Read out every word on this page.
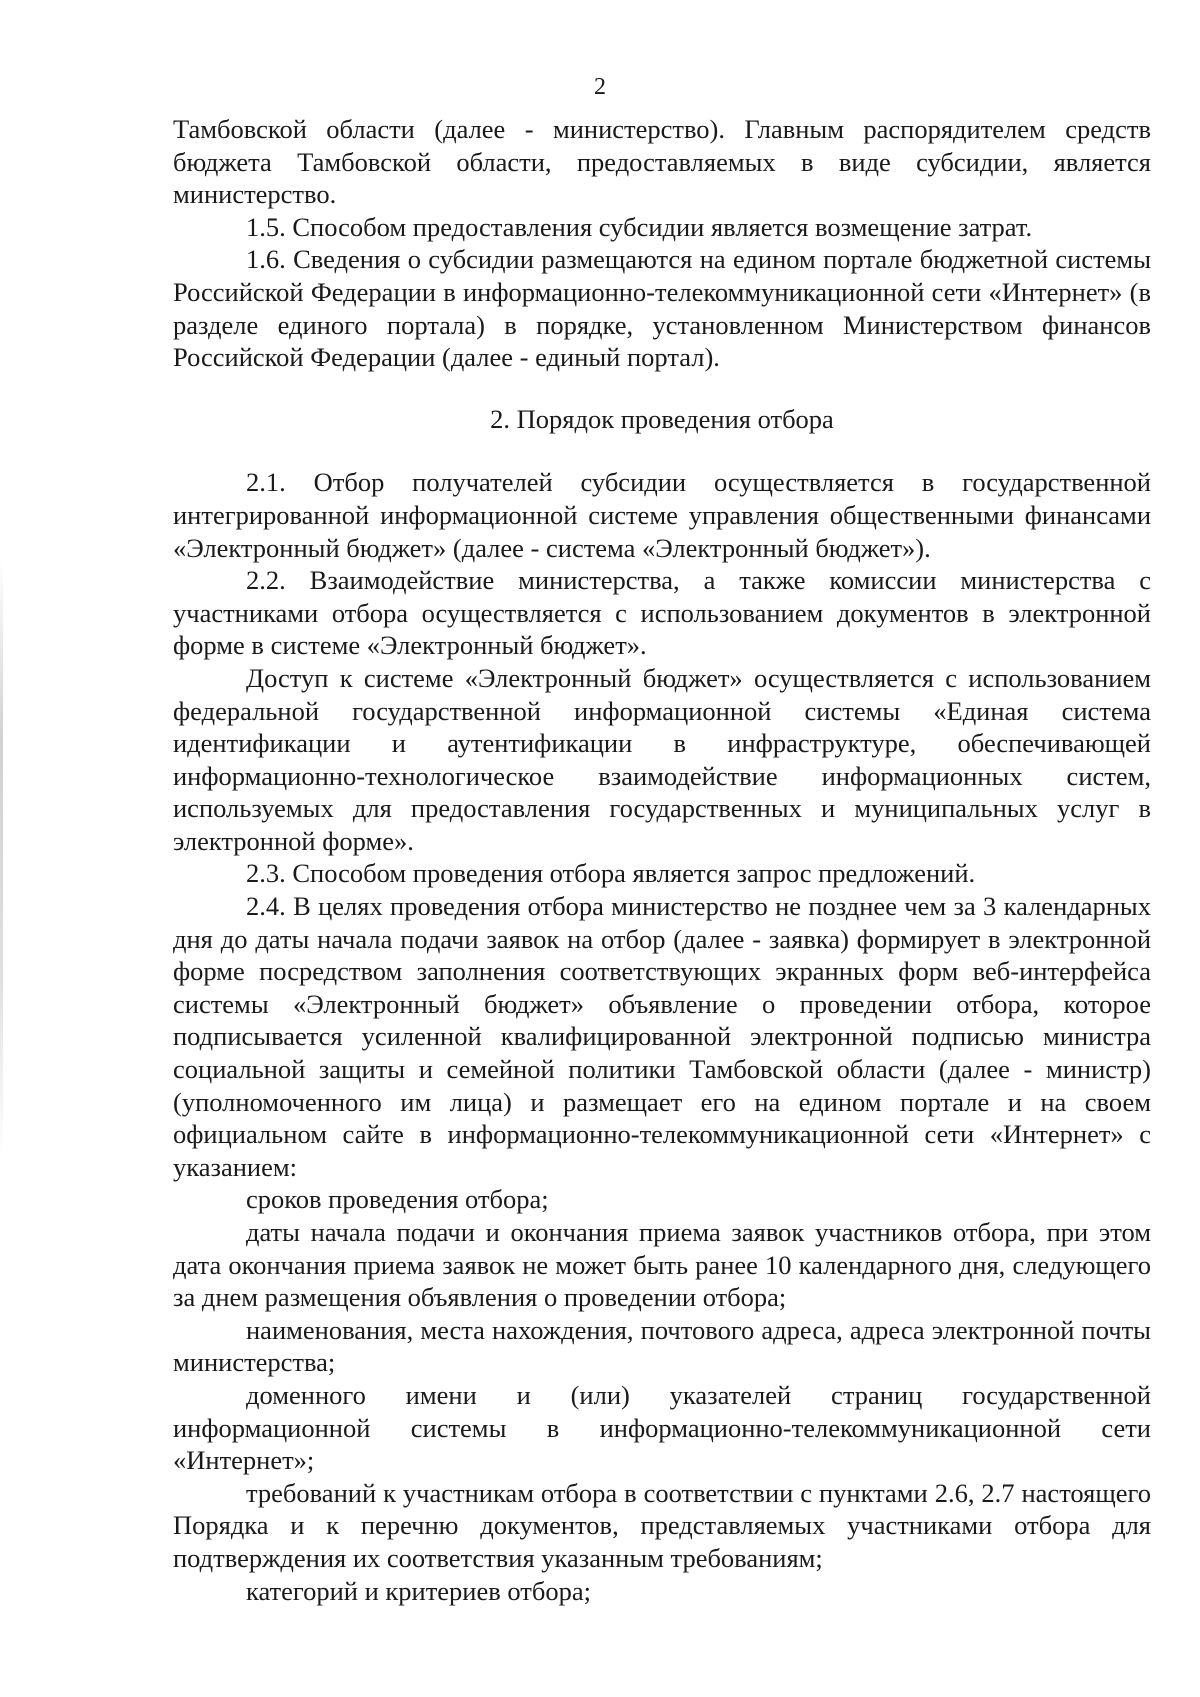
2

Тамбовской области (далее - министерство). Главным распорядителем средств бюджета Тамбовской области, предоставляемых в виде субсидии, является министерство.

1.5. Способом предоставления субсидии является возмещение затрат.

1.6. Сведения о субсидии размещаются на едином портале бюджетной системы Российской Федерации в информационно-телекоммуникационной сети «Интернет» (в разделе единого портала) в порядке, установленном Министерством финансов Российской Федерации (далее - единый портал).

2. Порядок проведения отбора

2.1. Отбор получателей субсидии осуществляется в государственной интегрированной информационной системе управления общественными финансами «Электронный бюджет» (далее - система «Электронный бюджет»).

2.2. Взаимодействие министерства, а также комиссии министерства с участниками отбора осуществляется с использованием документов в электронной форме в системе «Электронный бюджет».

Доступ к системе «Электронный бюджет» осуществляется с использованием федеральной государственной информационной системы «Единая система идентификации и аутентификации в инфраструктуре, обеспечивающей информационно-технологическое взаимодействие информационных систем, используемых для предоставления государственных и муниципальных услуг в электронной форме».

2.3. Способом проведения отбора является запрос предложений.

2.4. В целях проведения отбора министерство не позднее чем за 3 календарных дня до даты начала подачи заявок на отбор (далее - заявка) формирует в электронной форме посредством заполнения соответствующих экранных форм веб-интерфейса системы «Электронный бюджет» объявление о проведении отбора, которое подписывается усиленной квалифицированной электронной подписью министра социальной защиты и семейной политики Тамбовской области (далее - министр) (уполномоченного им лица) и размещает его на едином портале и на своем официальном сайте в информационно-телекоммуникационной сети «Интернет» с указанием:

сроков проведения отбора;

даты начала подачи и окончания приема заявок участников отбора, при этом дата окончания приема заявок не может быть ранее 10 календарного дня, следующего за днем размещения объявления о проведении отбора;

наименования, места нахождения, почтового адреса, адреса электронной почты министерства;

доменного имени и (или) указателей страниц государственной информационной системы в информационно-телекоммуникационной сети «Интернет»;

требований к участникам отбора в соответствии с пунктами 2.6, 2.7 настоящего Порядка и к перечню документов, представляемых участниками отбора для подтверждения их соответствия указанным требованиям;

категорий и критериев отбора;
